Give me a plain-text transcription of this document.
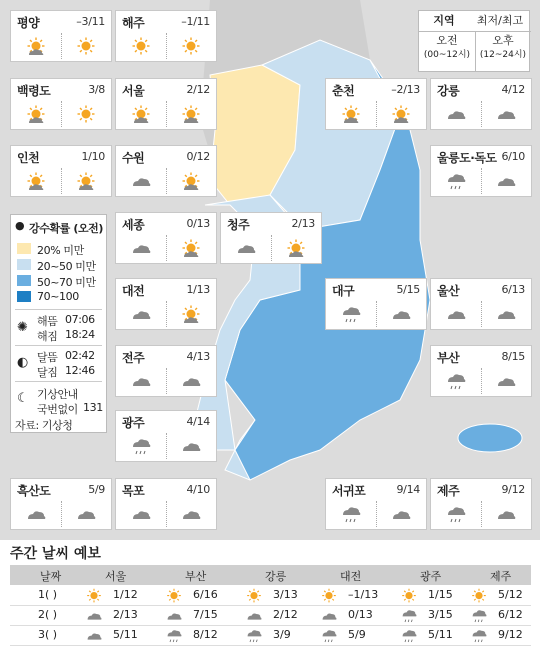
지역	최저/최고
오전
(00~12시)
오후
(12~24시)
평양	–3/11 해주	–1/11
백령도	3/8 서울	2/12	춘천	–2/13 강릉	4/12
인천	1/10 수원	0/12	울릉도·독도 6/10
세종	0/13 청주	2/13
대전	1/13	대구	5/15 울산	6/13
전주	4/13	부산	8/15
광주	4/14
흑산도	5/9 목포	4/10	서귀포	9/14 제주	9/12
● 강수확률 (오전)
20% 미만
20~50 미만
50~70 미만
70~100
✺ 해뜸 07:06
해짐 18:24
◐ 달뜸 02:42
달짐 12:46
☾ 기상안내
국번없이 131
자료: 기상청
주간 날씨 예보
날짜	서울	부산	강릉	대전	광주	제주
1( )	1/12	6/16	3/13	–1/13	1/15	5/12
2( )	2/13	7/15	2/12	0/13	3/15	6/12
3( )	5/11	8/12	3/9	5/9	5/11	9/12
